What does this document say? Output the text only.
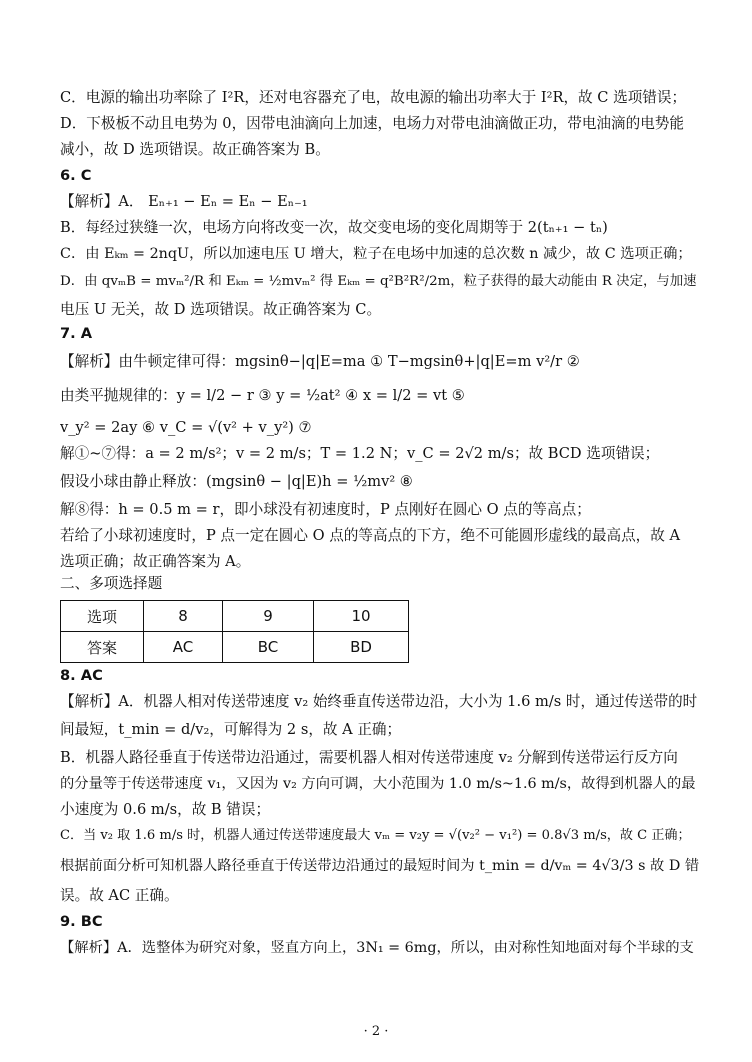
C．电源的输出功率除了 I²R，还对电容器充了电，故电源的输出功率大于 I²R，故 C 选项错误；
D．下极板不动且电势为 0，因带电油滴向上加速，电场力对带电油滴做正功，带电油滴的电势能
减小，故 D 选项错误。故正确答案为 B。
6. C
【解析】A． Eₙ₊₁ − Eₙ = Eₙ − Eₙ₋₁
B．每经过狭缝一次，电场方向将改变一次，故交变电场的变化周期等于 2(tₙ₊₁ − tₙ)
C．由 Eₖₘ = 2nqU，所以加速电压 U 增大，粒子在电场中加速的总次数 n 减少，故 C 选项正确；
D．由 qvₘB = mvₘ²/R 和 Eₖₘ = ½mvₘ² 得 Eₖₘ = q²B²R²/2m，粒子获得的最大动能由 R 决定，与加速
电压 U 无关，故 D 选项错误。故正确答案为 C。
7. A
【解析】由牛顿定律可得：mgsinθ−|q|E=ma ① T−mgsinθ+|q|E=m v²/r ②
由类平抛规律的：y = l/2 − r ③ y = ½at² ④ x = l/2 = vt ⑤
v_y² = 2ay ⑥ v_C = √(v² + v_y²) ⑦
解①~⑦得：a = 2 m/s²；v = 2 m/s；T = 1.2 N；v_C = 2√2 m/s；故 BCD 选项错误；
假设小球由静止释放：(mgsinθ − |q|E)h = ½mv² ⑧
解⑧得：h = 0.5 m = r，即小球没有初速度时，P 点刚好在圆心 O 点的等高点；
若给了小球初速度时，P 点一定在圆心 O 点的等高点的下方，绝不可能圆形虚线的最高点，故 A
选项正确；故正确答案为 A。
二、多项选择题
选项	8	9	10
答案	AC	BC	BD
8. AC
【解析】A．机器人相对传送带速度 v₂ 始终垂直传送带边沿，大小为 1.6 m/s 时，通过传送带的时
间最短，t_min = d/v₂，可解得为 2 s，故 A 正确；
B．机器人路径垂直于传送带边沿通过，需要机器人相对传送带速度 v₂ 分解到传送带运行反方向
的分量等于传送带速度 v₁，又因为 v₂ 方向可调，大小范围为 1.0 m/s~1.6 m/s，故得到机器人的最
小速度为 0.6 m/s，故 B 错误；
C．当 v₂ 取 1.6 m/s 时，机器人通过传送带速度最大 vₘ = v₂y = √(v₂² − v₁²) = 0.8√3 m/s，故 C 正确；
根据前面分析可知机器人路径垂直于传送带边沿通过的最短时间为 t_min = d/vₘ = 4√3/3 s 故 D 错
误。故 AC 正确。
9. BC
【解析】A．选整体为研究对象，竖直方向上，3N₁ = 6mg，所以，由对称性知地面对每个半球的支
· 2 ·
